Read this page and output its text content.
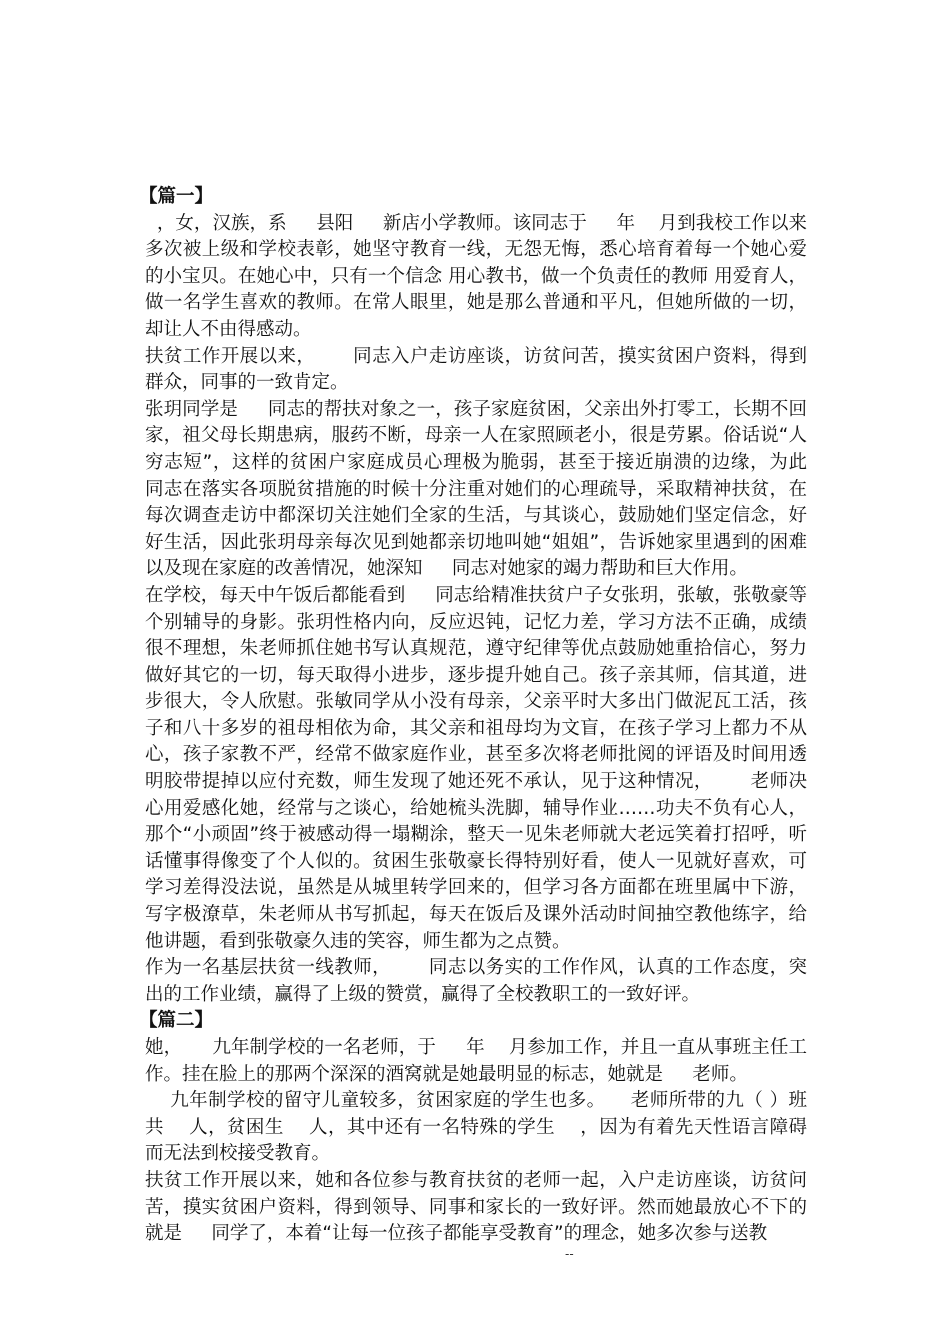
【篇一】

，女，汉族，系     县阳     新店小学教师。该同志于     年    月到我校工作以来多次被上级和学校表彰，她坚守教育一线，无怨无悔，悉心培育着每一个她心爱的小宝贝。在她心中，只有一个信念 用心教书，做一个负责任的教师 用爱育人，做一名学生喜欢的教师。在常人眼里，她是那么普通和平凡，但她所做的一切，却让人不由得感动。

扶贫工作开展以来，      同志入户走访座谈，访贫问苦，摸实贫困户资料，得到群众，同事的一致肯定。

张玥同学是     同志的帮扶对象之一，孩子家庭贫困，父亲出外打零工，长期不回家，祖父母长期患病，服药不断，母亲一人在家照顾老小，很是劳累。俗话说“人穷志短”，这样的贫困户家庭成员心理极为脆弱，甚至于接近崩溃的边缘，为此     同志在落实各项脱贫措施的时候十分注重对她们的心理疏导，采取精神扶贫，在每次调查走访中都深切关注她们全家的生活，与其谈心，鼓励她们坚定信念，好好生活，因此张玥母亲每次见到她都亲切地叫她“姐姐”，告诉她家里遇到的困难以及现在家庭的改善情况，她深知     同志对她家的竭力帮助和巨大作用。

在学校，每天中午饭后都能看到     同志给精准扶贫户子女张玥，张敏，张敬豪等个别辅导的身影。张玥性格内向，反应迟钝，记忆力差，学习方法不正确，成绩很不理想，朱老师抓住她书写认真规范，遵守纪律等优点鼓励她重拾信心，努力做好其它的一切，每天取得小进步，逐步提升她自己。孩子亲其师，信其道，进步很大，令人欣慰。张敏同学从小没有母亲，父亲平时大多出门做泥瓦工活，孩子和八十多岁的祖母相依为命，其父亲和祖母均为文盲，在孩子学习上都力不从心，孩子家教不严，经常不做家庭作业，甚至多次将老师批阅的评语及时间用透明胶带提掉以应付充数，师生发现了她还死不承认，见于这种情况，      老师决心用爱感化她，经常与之谈心，给她梳头洗脚，辅导作业……功夫不负有心人，那个“小顽固”终于被感动得一塌糊涂，整天一见朱老师就大老远笑着打招呼，听话懂事得像变了个人似的。贫困生张敬豪长得特别好看，使人一见就好喜欢，可学习差得没法说，虽然是从城里转学回来的，但学习各方面都在班里属中下游，写字极潦草，朱老师从书写抓起，每天在饭后及课外活动时间抽空教他练字，给他讲题，看到张敬豪久违的笑容，师生都为之点赞。

作为一名基层扶贫一线教师，      同志以务实的工作作风，认真的工作态度，突出的工作业绩，赢得了上级的赞赏，赢得了全校教职工的一致好评。

【篇二】

她，     九年制学校的一名老师，于     年    月参加工作，并且一直从事班主任工作。挂在脸上的那两个深深的酒窝就是她最明显的标志，她就是     老师。

九年制学校的留守儿童较多，贫困家庭的学生也多。    老师所带的九（ ）班共    人，贫困生    人，其中还有一名特殊的学生    ，因为有着先天性语言障碍而无法到校接受教育。

扶贫工作开展以来，她和各位参与教育扶贫的老师一起，入户走访座谈，访贫问苦，摸实贫困户资料，得到领导、同事和家长的一致好评。然而她最放心不下的就是     同学了，本着“让每一位孩子都能享受教育”的理念，她多次参与送教

--
